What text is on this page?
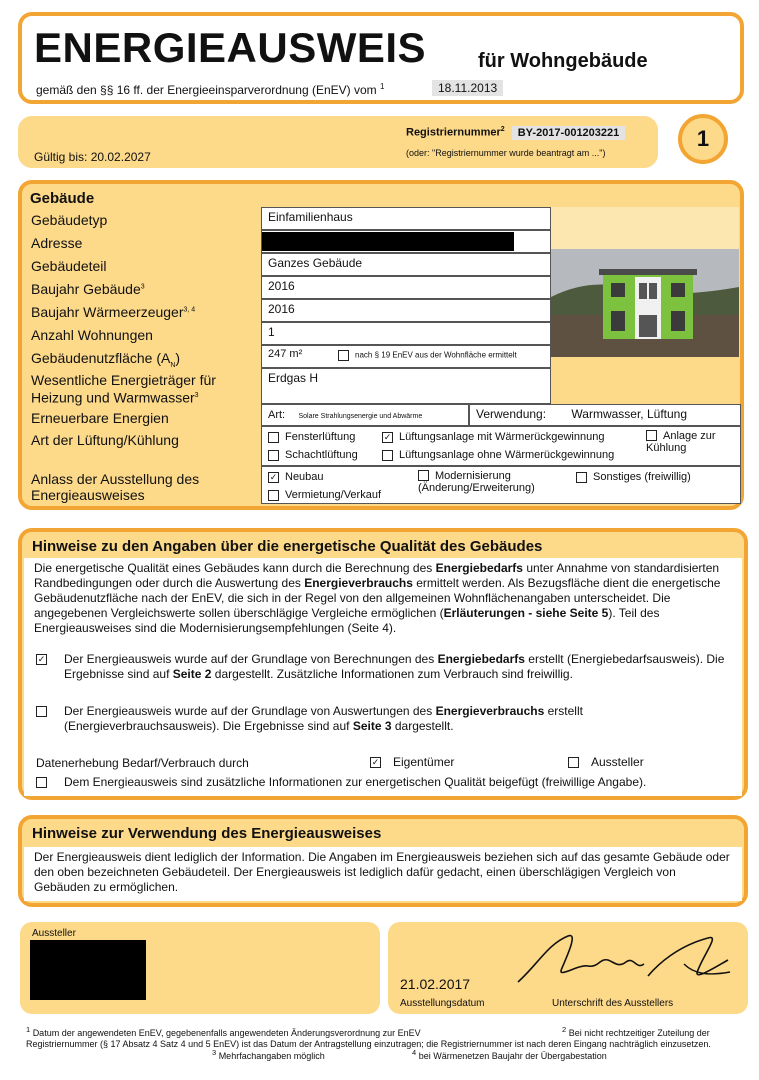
ENERGIEAUSWEIS	für Wohngebäude
gemäß den §§ 16 ff. der Energieeinsparverordnung (EnEV) vom $^1$	18.11.2013
Gültig bis: 20.02.2027
Registriernummer$^2$ BY-2017-001203221
(oder: "Registriernummer wurde beantragt am ...")
1
Gebäude
Gebäudetyp	Einfamilienhaus
Adresse
Gebäudeteil	Ganzes Gebäude
Baujahr Gebäude$^3$	2016
Baujahr Wärmeerzeuger$^{3, 4}$	2016
Anzahl Wohnungen	1
Gebäudenutzfläche $(A_N)$	247 m²	nach § 19 EnEV aus der Wohnfläche ermittelt
Wesentliche Energieträger für
Heizung und Warmwasser$^3$
Erdgas H
Erneuerbare Energien	Art: Solare Strahlungsenergie und Abwärme	Verwendung: Warmwasser, Lüftung
Art der Lüftung/Kühlung	Fensterlüftung	✓ Lüftungsanlage mit Wärmerückgewinnung	Anlage zur Kühlung
Schachtlüftung	Lüftungsanlage ohne Wärmerückgewinnung
Anlass der Ausstellung des
Energieausweises
✓ Neubau	Modernisierung (Änderung/Erweiterung)
Sonstiges (freiwillig)
Vermietung/Verkauf
Hinweise zu den Angaben über die energetische Qualität des Gebäudes
Die energetische Qualität eines Gebäudes kann durch die Berechnung des Energiebedarfs unter Annahme von standardisierten Randbedingungen oder durch die Auswertung des Energieverbrauchs ermittelt werden. Als Bezugsfläche dient die energetische Gebäudenutzfläche nach der EnEV, die sich in der Regel von den allgemeinen Wohnflächenangaben unterscheidet. Die angegebenen Vergleichswerte sollen überschlägige Vergleiche ermöglichen (Erläuterungen - siehe Seite 5). Teil des Energieausweises sind die Modernisierungsempfehlungen (Seite 4).
✓ Der Energieausweis wurde auf der Grundlage von Berechnungen des Energiebedarfs erstellt (Energiebedarfsausweis). Die Ergebnisse sind auf Seite 2 dargestellt. Zusätzliche Informationen zum Verbrauch sind freiwillig.
Der Energieausweis wurde auf der Grundlage von Auswertungen des Energieverbrauchs erstellt (Energieverbrauchsausweis). Die Ergebnisse sind auf Seite 3 dargestellt.
Datenerhebung Bedarf/Verbrauch durch	✓ Eigentümer	Aussteller
Dem Energieausweis sind zusätzliche Informationen zur energetischen Qualität beigefügt (freiwillige Angabe).
Hinweise zur Verwendung des Energieausweises
Der Energieausweis dient lediglich der Information. Die Angaben im Energieausweis beziehen sich auf das gesamte Gebäude oder den oben bezeichneten Gebäudeteil. Der Energieausweis ist lediglich dafür gedacht, einen überschlägigen Vergleich von Gebäuden zu ermöglichen.
Aussteller
21.02.2017
Ausstellungsdatum	Unterschrift des Ausstellers
$^1$ Datum der angewendeten EnEV, gegebenenfalls angewendeten Änderungsverordnung zur EnEV	$^2$ Bei nicht rechtzeitiger Zuteilung der Registriernummer (§ 17 Absatz 4 Satz 4 und 5 EnEV) ist das Datum der Antragstellung einzutragen; die Registriernummer ist nach deren Eingang nachträglich einzusetzen.
$^3$ Mehrfachangaben möglich	$^4$ bei Wärmenetzen Baujahr der Übergabestation
